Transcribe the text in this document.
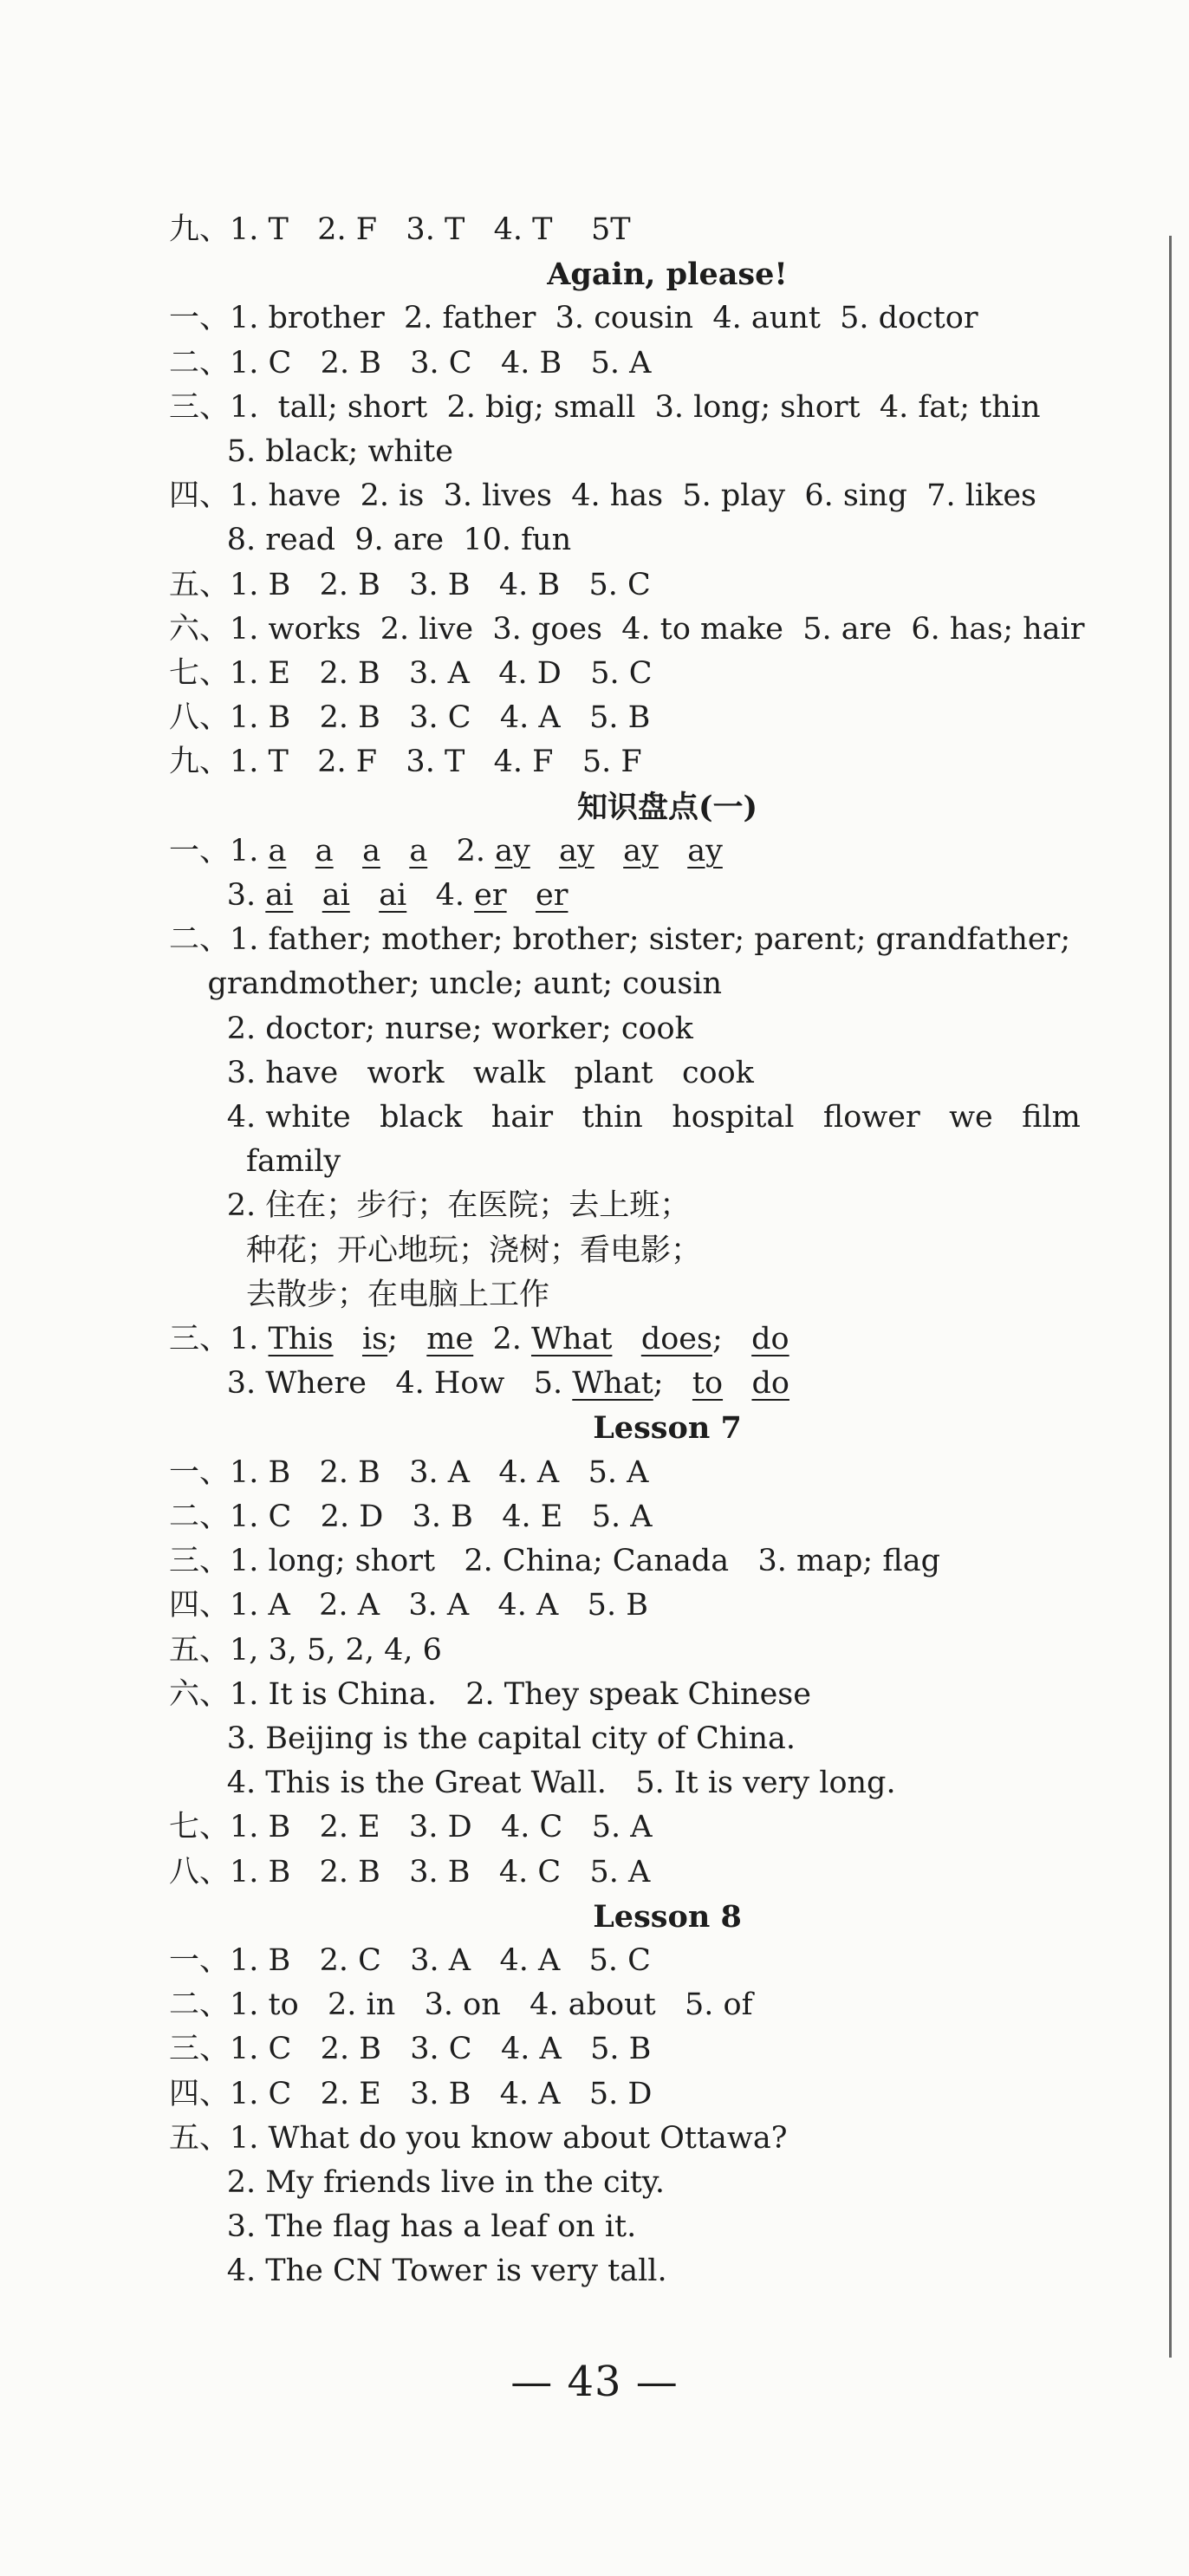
九、1. T   2. F   3. T   4. T    5T
Again, please!
一、1. brother  2. father  3. cousin  4. aunt  5. doctor
二、1. C   2. B   3. C   4. B   5. A
三、1.  tall; short  2. big; small  3. long; short  4. fat; thin
5. black; white
四、1. have  2. is  3. lives  4. has  5. play  6. sing  7. likes
8. read  9. are  10. fun
五、1. B   2. B   3. B   4. B   5. C
六、1. works  2. live  3. goes  4. to make  5. are  6. has; hair
七、1. E   2. B   3. A   4. D   5. C
八、1. B   2. B   3. C   4. A   5. B
九、1. T   2. F   3. T   4. F   5. F
知识盘点(一)
一、1. a a a a   2. ay ay ay ay
3. ai ai ai   4. er er
二、1. father; mother; brother; sister; parent; grandfather;
grandmother; uncle; aunt; cousin
2. doctor; nurse; worker; cook
3. have   work   walk   plant   cook
4. white   black   hair   thin   hospital   flower   we   film
family
2. 住在；步行；在医院；去上班；
种花；开心地玩；浇树；看电影；
去散步；在电脑上工作
三、1. This is;   me  2. What does;   do
3. Where   4. How   5. What;   to do
Lesson 7
一、1. B   2. B   3. A   4. A   5. A
二、1. C   2. D   3. B   4. E   5. A
三、1. long; short   2. China; Canada   3. map; flag
四、1. A   2. A   3. A   4. A   5. B
五、1, 3, 5, 2, 4, 6
六、1. It is China.   2. They speak Chinese
3. Beijing is the capital city of China.
4. This is the Great Wall.   5. It is very long.
七、1. B   2. E   3. D   4. C   5. A
八、1. B   2. B   3. B   4. C   5. A
Lesson 8
一、1. B   2. C   3. A   4. A   5. C
二、1. to   2. in   3. on   4. about   5. of
三、1. C   2. B   3. C   4. A   5. B
四、1. C   2. E   3. B   4. A   5. D
五、1. What do you know about Ottawa?
2. My friends live in the city.
3. The flag has a leaf on it.
4. The CN Tower is very tall.
— 43 —
